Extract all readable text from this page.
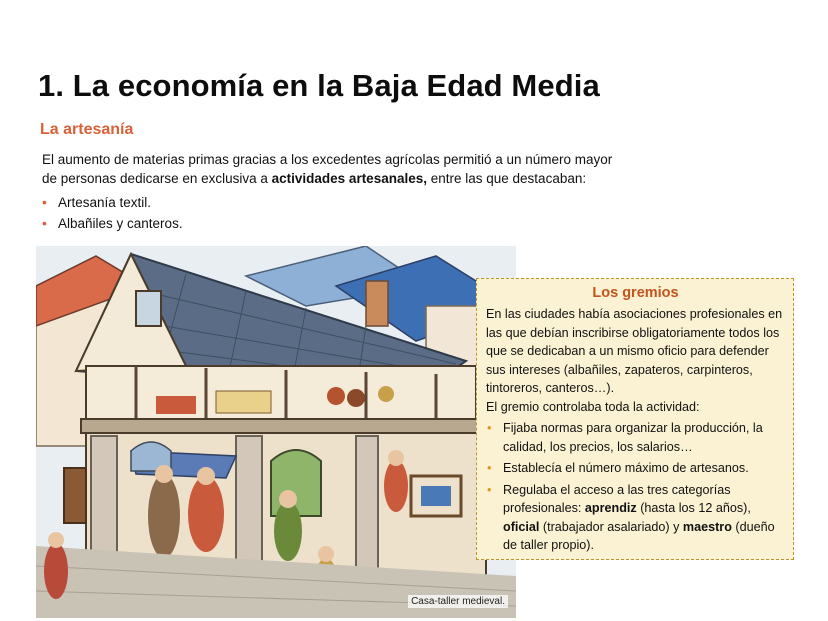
1. La economía en la Baja Edad Media
La artesanía

El aumento de materias primas gracias a los excedentes agrícolas permitió a un número mayor
de personas dedicarse en exclusiva a actividades artesanales, entre las que destacaban:

• Artesanía textil.
• Albañiles y canteros.
Casa-taller medieval.
Los gremios

En las ciudades había asociaciones profesionales en las que debían inscribirse obligatoriamente todos los que se dedicaban a un mismo oficio para defender sus intereses (albañiles, zapateros, carpinteros, tintoreros, canteros…).

El gremio controlaba toda la actividad:

• Fijaba normas para organizar la producción, la calidad, los precios, los salarios…
• Establecía el número máximo de artesanos.
• Regulaba el acceso a las tres categorías profesionales: aprendiz (hasta los 12 años), oficial (trabajador asalariado) y maestro (dueño de taller propio).
